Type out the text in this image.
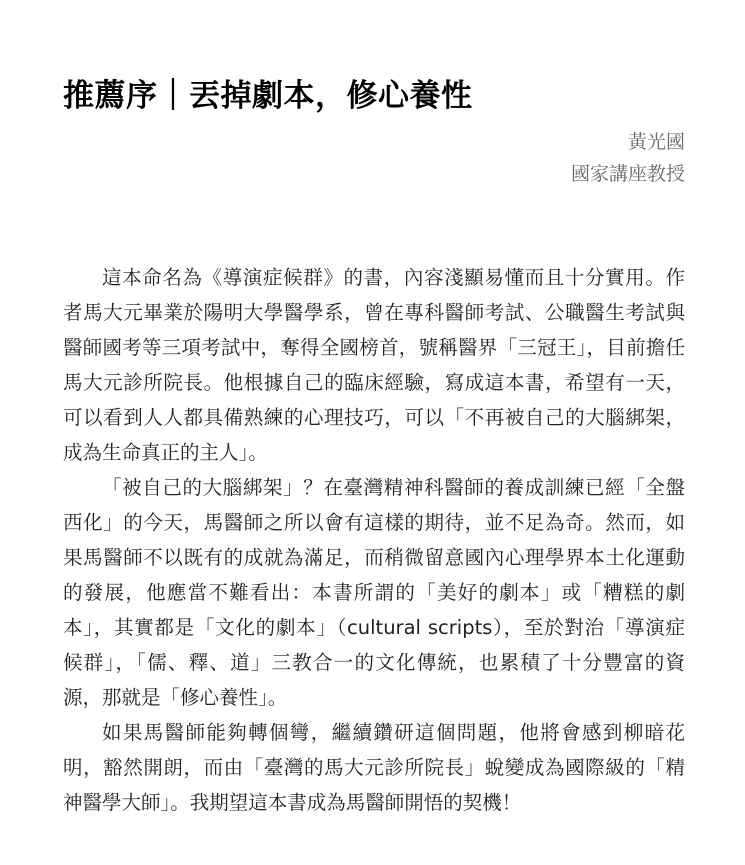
推薦序｜丟掉劇本，修心養性
黃光國
國家講座教授

這本命名為《導演症候群》的書，內容淺顯易懂而且十分實用。作者馬大元畢業於陽明大學醫學系，曾在專科醫師考試、公職醫生考試與醫師國考等三項考試中，奪得全國榜首，號稱醫界「三冠王」，目前擔任馬大元診所院長。他根據自己的臨床經驗，寫成這本書，希望有一天，可以看到人人都具備熟練的心理技巧，可以「不再被自己的大腦綁架，成為生命真正的主人」。

「被自己的大腦綁架」？在臺灣精神科醫師的養成訓練已經「全盤西化」的今天，馬醫師之所以會有這樣的期待，並不足為奇。然而，如果馬醫師不以既有的成就為滿足，而稍微留意國內心理學界本土化運動的發展，他應當不難看出：本書所謂的「美好的劇本」或「糟糕的劇本」，其實都是「文化的劇本」（cultural scripts），至於對治「導演症候群」，「儒、釋、道」三教合一的文化傳統，也累積了十分豐富的資源，那就是「修心養性」。

如果馬醫師能夠轉個彎，繼續鑽研這個問題，他將會感到柳暗花明，豁然開朗，而由「臺灣的馬大元診所院長」蛻變成為國際級的「精神醫學大師」。我期望這本書成為馬醫師開悟的契機！
